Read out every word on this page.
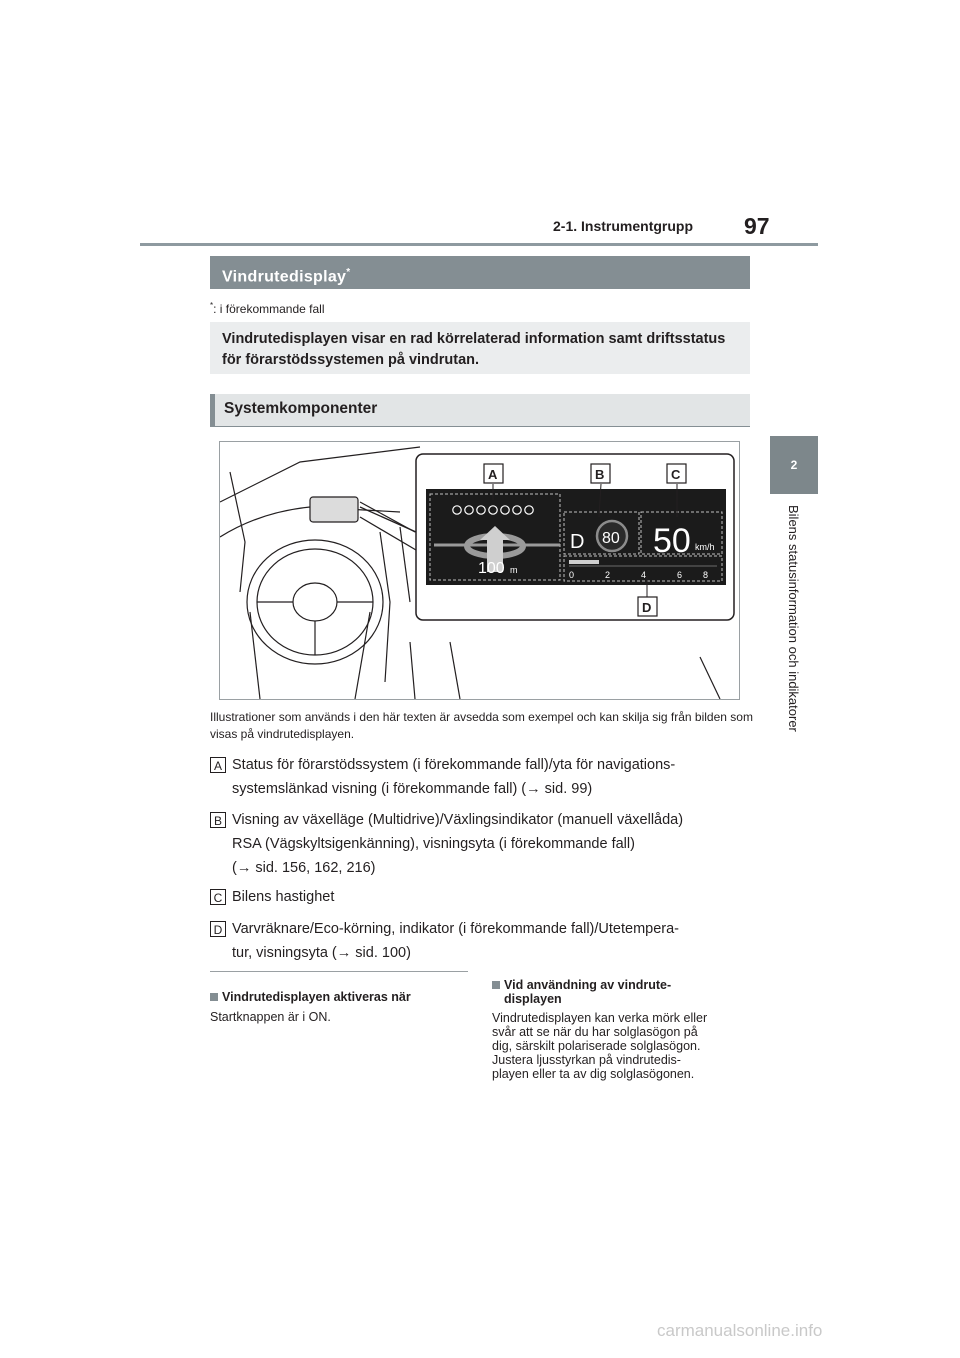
2-1. Instrumentgrupp 97
2
Bilens statusinformation och indikatorer
Vindrutedisplay*
*: i förekommande fall
Vindrutedisplayen visar en rad körrelaterad information samt driftsstatus för förarstödssystemen på vindrutan.
Systemkomponenter
100 m
D 80 50 km/h
0	2	4	6 8
A	B	C
D
Illustrationer som används i den här texten är avsedda som exempel och kan skilja sig från bilden som visas på vindrutedisplayen.
A Status för förarstödssystem (i förekommande fall)/yta för navigations-
systemslänkad visning (i förekommande fall) (→ sid. 99)
B Visning av växelläge (Multidrive)/Växlingsindikator (manuell växellåda)
RSA (Vägskyltsigenkänning), visningsyta (i förekommande fall)
(→ sid. 156, 162, 216)
C Bilens hastighet
D Varvräknare/Eco-körning, indikator (i förekommande fall)/Utetempera-
tur, visningsyta (→ sid. 100)
Vindrutedisplayen aktiveras när
Startknappen är i ON.
Vid användning av vindrute-
displayen
Vindrutedisplayen kan verka mörk eller
svår att se när du har solglasögon på
dig, särskilt polariserade solglasögon.
Justera ljusstyrkan på vindrutedis-
playen eller ta av dig solglasögonen.
carmanualsonline.info
